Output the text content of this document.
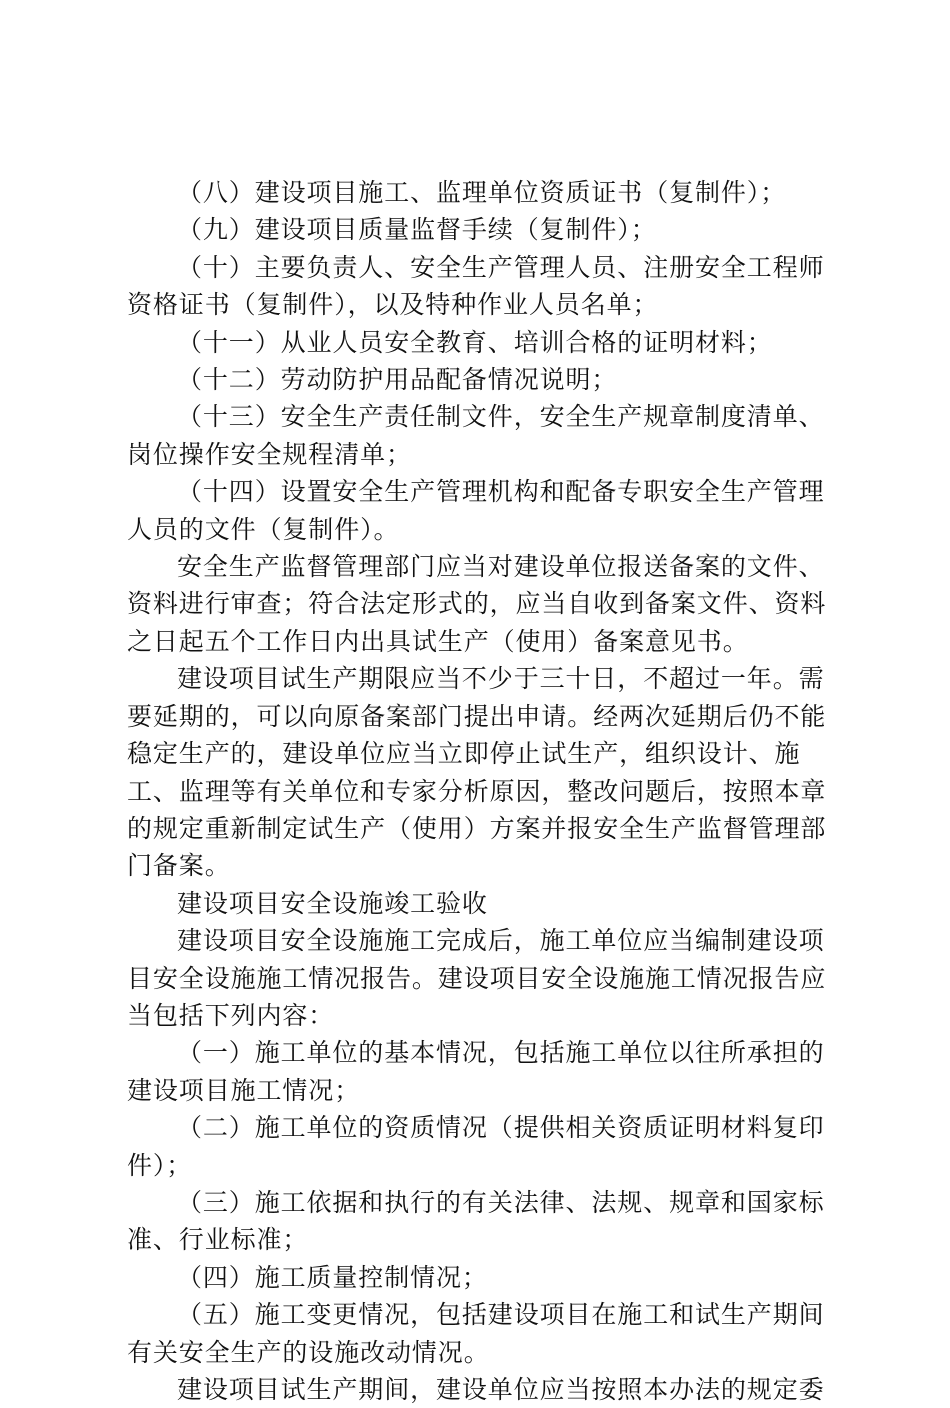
（八）建设项目施工、监理单位资质证书（复制件）；

（九）建设项目质量监督手续（复制件）；

（十）主要负责人、安全生产管理人员、注册安全工程师资格证书（复制件），以及特种作业人员名单；

（十一）从业人员安全教育、培训合格的证明材料；

（十二）劳动防护用品配备情况说明；

（十三）安全生产责任制文件，安全生产规章制度清单、岗位操作安全规程清单；

（十四）设置安全生产管理机构和配备专职安全生产管理人员的文件（复制件）。

安全生产监督管理部门应当对建设单位报送备案的文件、资料进行审查；符合法定形式的，应当自收到备案文件、资料之日起五个工作日内出具试生产（使用）备案意见书。

建设项目试生产期限应当不少于三十日，不超过一年。需要延期的，可以向原备案部门提出申请。经两次延期后仍不能稳定生产的，建设单位应当立即停止试生产，组织设计、施工、监理等有关单位和专家分析原因，整改问题后，按照本章的规定重新制定试生产（使用）方案并报安全生产监督管理部门备案。

建设项目安全设施竣工验收

建设项目安全设施施工完成后，施工单位应当编制建设项目安全设施施工情况报告。建设项目安全设施施工情况报告应当包括下列内容：

（一）施工单位的基本情况，包括施工单位以往所承担的建设项目施工情况；

（二）施工单位的资质情况（提供相关资质证明材料复印件）；

（三）施工依据和执行的有关法律、法规、规章和国家标准、行业标准；

（四）施工质量控制情况；

（五）施工变更情况，包括建设项目在施工和试生产期间有关安全生产的设施改动情况。

建设项目试生产期间，建设单位应当按照本办法的规定委
